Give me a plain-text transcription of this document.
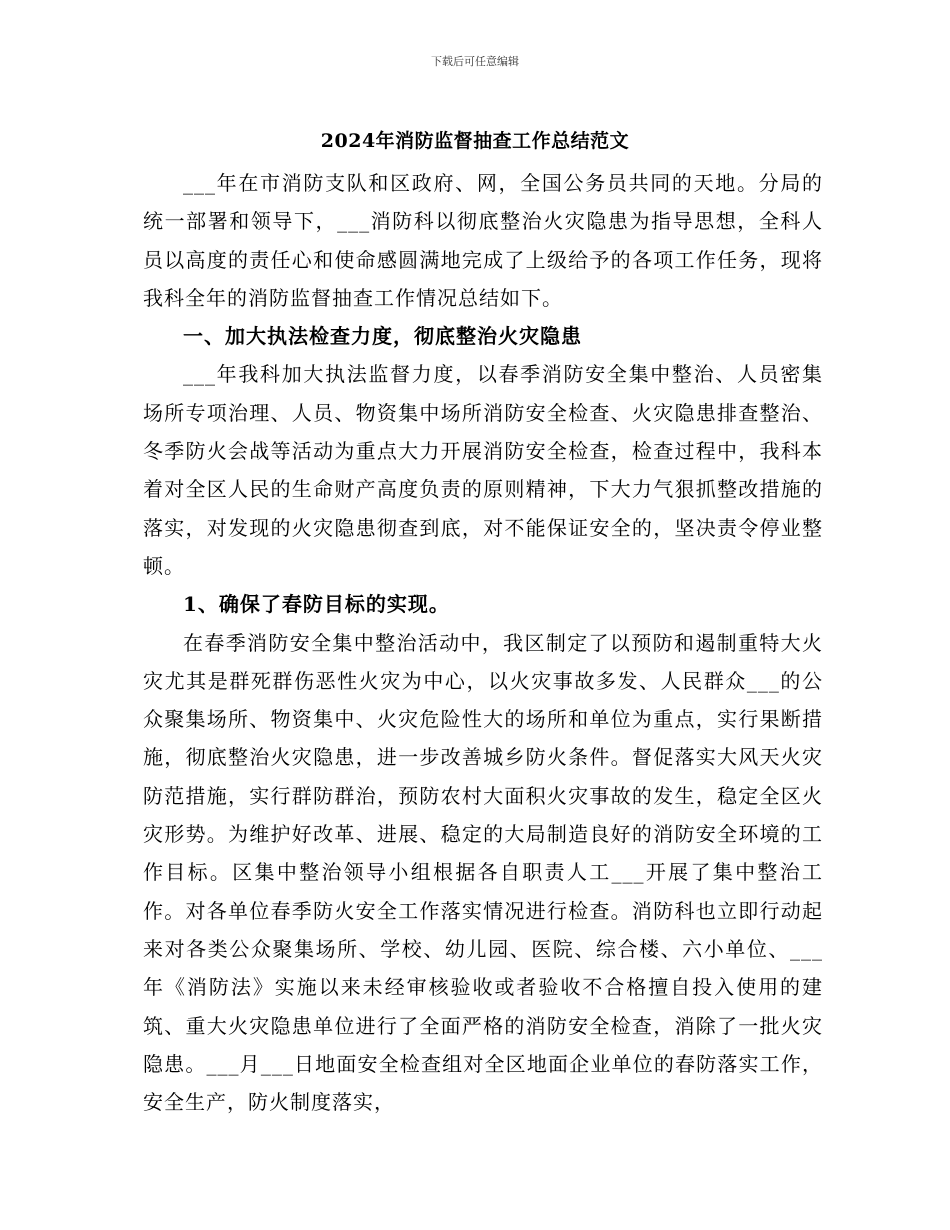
下载后可任意编辑
2024年消防监督抽查工作总结范文

___年在市消防支队和区政府、网，全国公务员共同的天地。分局的统一部署和领导下，___消防科以彻底整治火灾隐患为指导思想，全科人员以高度的责任心和使命感圆满地完成了上级给予的各项工作任务，现将我科全年的消防监督抽查工作情况总结如下。

一、加大执法检查力度，彻底整治火灾隐患

___年我科加大执法监督力度，以春季消防安全集中整治、人员密集场所专项治理、人员、物资集中场所消防安全检查、火灾隐患排查整治、冬季防火会战等活动为重点大力开展消防安全检查，检查过程中，我科本着对全区人民的生命财产高度负责的原则精神，下大力气狠抓整改措施的落实，对发现的火灾隐患彻查到底，对不能保证安全的，坚决责令停业整顿。

1、确保了春防目标的实现。

在春季消防安全集中整治活动中，我区制定了以预防和遏制重特大火灾尤其是群死群伤恶性火灾为中心，以火灾事故多发、人民群众___的公众聚集场所、物资集中、火灾危险性大的场所和单位为重点，实行果断措施，彻底整治火灾隐患，进一步改善城乡防火条件。督促落实大风天火灾防范措施，实行群防群治，预防农村大面积火灾事故的发生，稳定全区火灾形势。为维护好改革、进展、稳定的大局制造良好的消防安全环境的工作目标。区集中整治领导小组根据各自职责人工___开展了集中整治工作。对各单位春季防火安全工作落实情况进行检查。消防科也立即行动起来对各类公众聚集场所、学校、幼儿园、医院、综合楼、六小单位、___年《消防法》实施以来未经审核验收或者验收不合格擅自投入使用的建筑、重大火灾隐患单位进行了全面严格的消防安全检查，消除了一批火灾隐患。___月___日地面安全检查组对全区地面企业单位的春防落实工作，安全生产，防火制度落实，
